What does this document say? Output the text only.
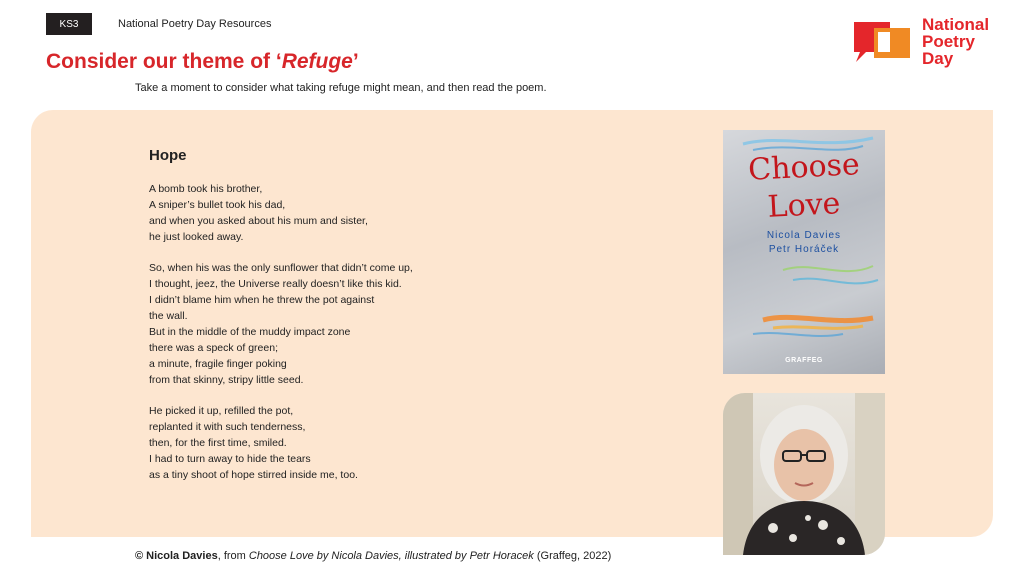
KS3	National Poetry Day Resources	National
Poetry
Day
Consider our theme of ‘Refuge’
Take a moment to consider what taking refuge might mean, and then read the poem.
Hope
A bomb took his brother,
A sniper’s bullet took his dad,
and when you asked about his mum and sister,
he just looked away.
So, when his was the only sunflower that didn’t come up,
I thought, jeez, the Universe really doesn’t like this kid.
I didn’t blame him when he threw the pot against
the wall.
But in the middle of the muddy impact zone
there was a speck of green;
a minute, fragile finger poking
from that skinny, stripy little seed.
He picked it up, refilled the pot,
replanted it with such tenderness,
then, for the first time, smiled.
I had to turn away to hide the tears
as a tiny shoot of hope stirred inside me, too.
Choose
Love
Nicola Davies
Petr Horáček
GRAFFEG
© Nicola Davies, from Choose Love by Nicola Davies, illustrated by Petr Horacek (Graffeg, 2022)
